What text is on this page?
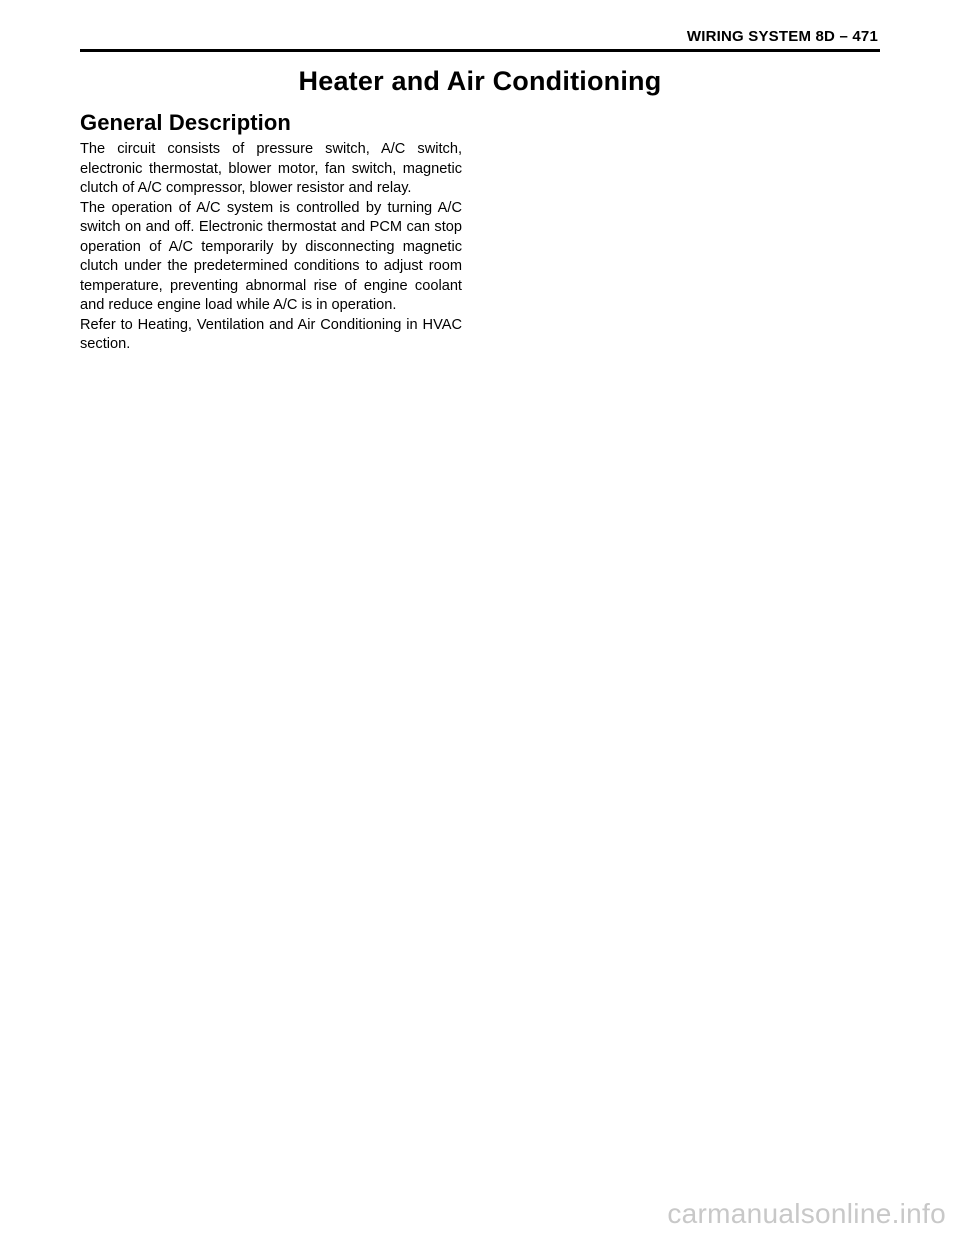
WIRING SYSTEM 8D – 471
Heater and Air Conditioning
General Description

The circuit consists of pressure switch, A/C switch, electronic thermostat, blower motor, fan switch, magnetic clutch of A/C compressor, blower resistor and relay.

The operation of A/C system is controlled by turning A/C switch on and off. Electronic thermostat and PCM can stop operation of A/C temporarily by disconnecting magnetic clutch under the predetermined conditions to adjust room temperature, preventing abnormal rise of engine coolant and reduce engine load while A/C is in operation.

Refer to Heating, Ventilation and Air Conditioning in HVAC section.

carmanualsonline.info
